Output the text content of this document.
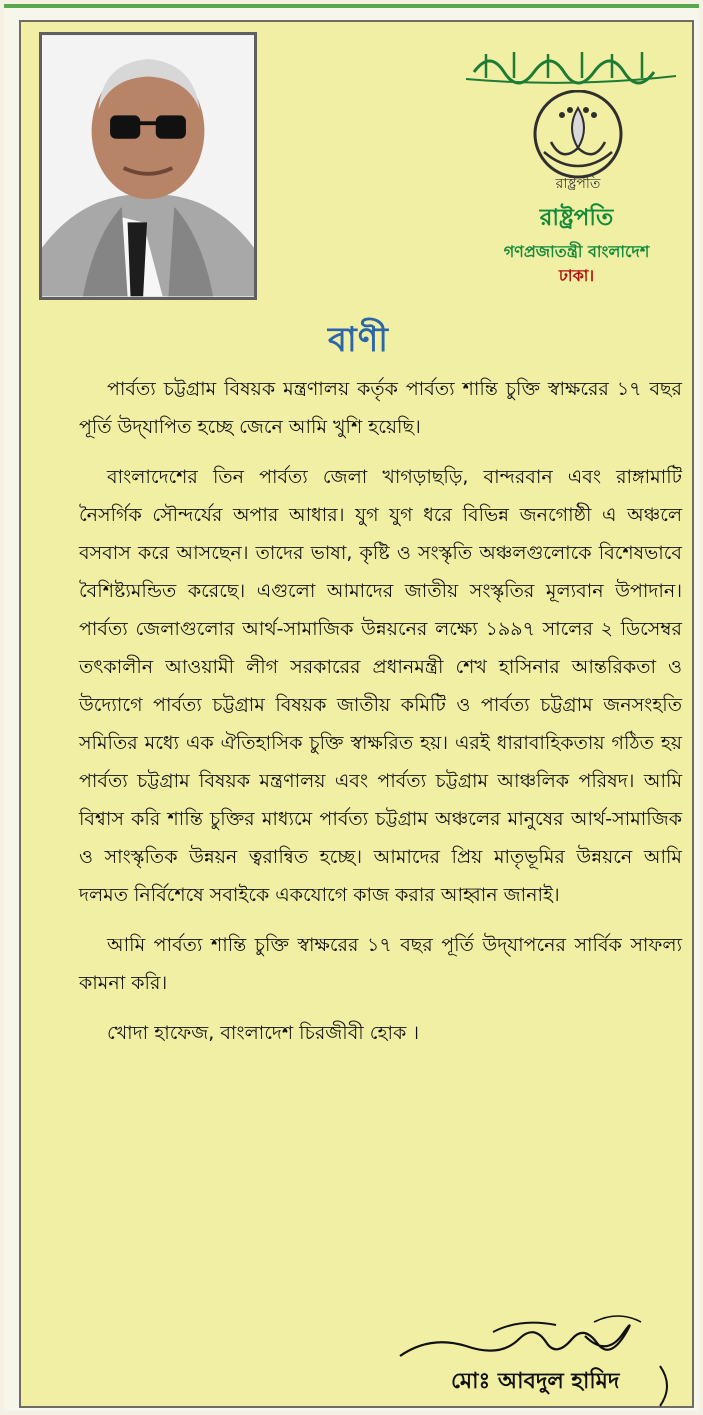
রাষ্ট্রপতি
রাষ্ট্রপতি
গণপ্রজাতন্ত্রী বাংলাদেশ
ঢাকা।
বাণী

পার্বত্য চট্টগ্রাম বিষয়ক মন্ত্রণালয় কর্তৃক পার্বত্য শান্তি চুক্তি স্বাক্ষরের ১৭ বছর পূর্তি উদ্‌যাপিত হচ্ছে জেনে আমি খুশি হয়েছি।

বাংলাদেশের তিন পার্বত্য জেলা খাগড়াছড়ি, বান্দরবান এবং রাঙ্গামাটি নৈসর্গিক সৌন্দর্যের অপার আধার। যুগ যুগ ধরে বিভিন্ন জনগোষ্ঠী এ অঞ্চলে বসবাস করে আসছেন। তাদের ভাষা, কৃষ্টি ও সংস্কৃতি অঞ্চলগুলোকে বিশেষভাবে বৈশিষ্ট্যমন্ডিত করেছে। এগুলো আমাদের জাতীয় সংস্কৃতির মূল্যবান উপাদান। পার্বত্য জেলাগুলোর আর্থ-সামাজিক উন্নয়নের লক্ষ্যে ১৯৯৭ সালের ২ ডিসেম্বর তৎকালীন আওয়ামী লীগ সরকারের প্রধানমন্ত্রী শেখ হাসিনার আন্তরিকতা ও উদ্যোগে পার্বত্য চট্টগ্রাম বিষয়ক জাতীয় কমিটি ও পার্বত্য চট্টগ্রাম জনসংহতি সমিতির মধ্যে এক ঐতিহাসিক চুক্তি স্বাক্ষরিত হয়। এরই ধারাবাহিকতায় গঠিত হয় পার্বত্য চট্টগ্রাম বিষয়ক মন্ত্রণালয় এবং পার্বত্য চট্টগ্রাম আঞ্চলিক পরিষদ। আমি বিশ্বাস করি শান্তি চুক্তির মাধ্যমে পার্বত্য চট্টগ্রাম অঞ্চলের মানুষের আর্থ-সামাজিক ও সাংস্কৃতিক উন্নয়ন ত্বরান্বিত হচ্ছে। আমাদের প্রিয় মাতৃভূমির উন্নয়নে আমি দলমত নির্বিশেষে সবাইকে একযোগে কাজ করার আহ্বান জানাই।

আমি পার্বত্য শান্তি চুক্তি স্বাক্ষরের ১৭ বছর পূর্তি উদ্‌যাপনের সার্বিক সাফল্য কামনা করি।

খোদা হাফেজ, বাংলাদেশ চিরজীবী হোক ।

মোঃ আবদুল হামিদ
